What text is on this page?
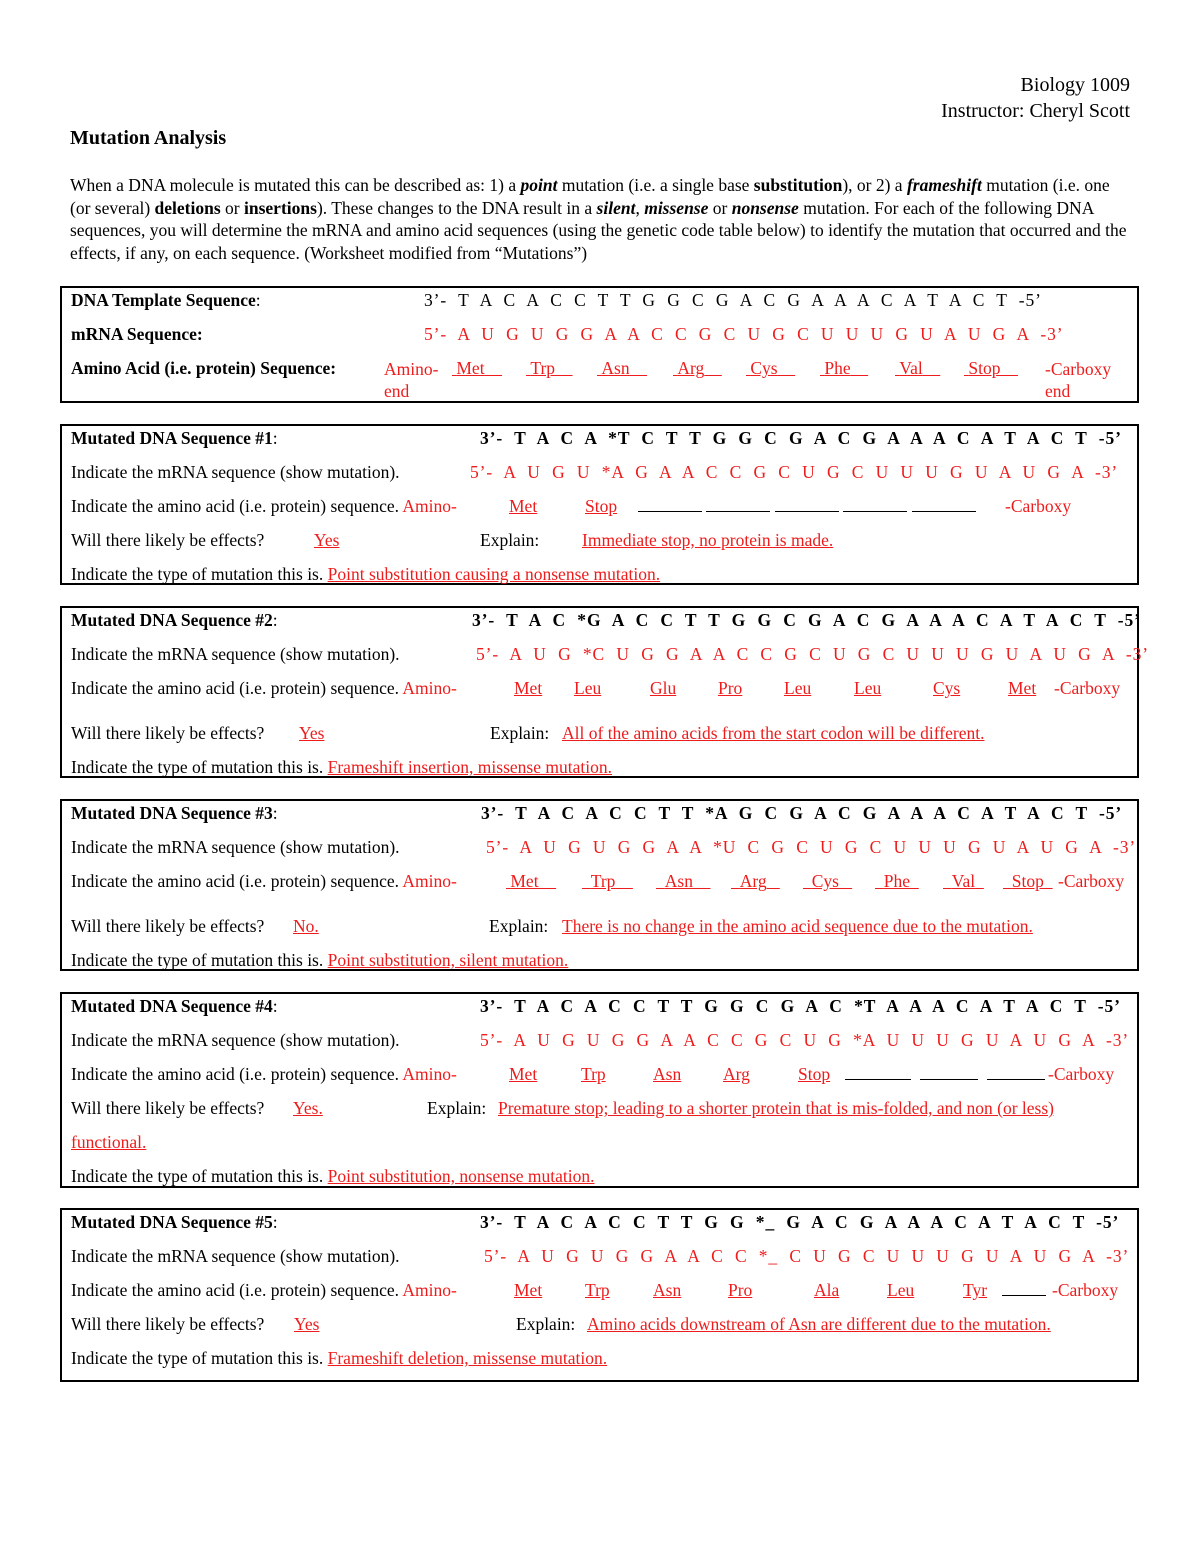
Biology 1009
Instructor: Cheryl Scott
Mutation Analysis
When a DNA molecule is mutated this can be described as: 1) a point mutation (i.e. a single base substitution), or 2) a frameshift mutation (i.e. one (or several) deletions or insertions). These changes to the DNA result in a silent, missense or nonsense mutation. For each of the following DNA sequences, you will determine the mRNA and amino acid sequences (using the genetic code table below) to identify the mutation that occurred and the effects, if any, on each sequence. (Worksheet modified from “Mutations”)
DNA Template Sequence:	3’- T A C A C C T T G G C G A C G A A A C A T A C T -5’
mRNA Sequence:	5’- A U G U G G A A C C G C U G C U U U G U A U G A -3’
Amino Acid (i.e. protein) Sequence:	Amino-
end
Met	Trp	Asn	Arg	Cys	Phe	Val	Stop	-Carboxy
end
Mutated DNA Sequence #1:	3’- T A C A *T C T T G G C G A C G A A A C A T A C T -5’
Indicate the mRNA sequence (show mutation).	5’- A U G U *A G A A C C G C U G C U U U G U A U G A -3’
Indicate the amino acid (i.e. protein) sequence. Amino-	Met	Stop
	-Carboxy
Will there likely be effects?	Yes	Explain: Immediate stop, no protein is made.
Indicate the type of mutation this is. Point substitution causing a nonsense mutation.
Mutated DNA Sequence #2:	3’- T A C *G A C C T T G G C G A C G A A A C A T A C T -5’
Indicate the mRNA sequence (show mutation).	5’- A U G *C U G G A A C C G C U G C U U U G U A U G A -3’
Indicate the amino acid (i.e. protein) sequence. Amino-	Met Leu	Glu Pro Leu Leu	Cys	Met -Carboxy
Will there likely be effects? Yes	Explain: All of the amino acids from the start codon will be different.
Indicate the type of mutation this is. Frameshift insertion, missense mutation.
Mutated DNA Sequence #3:	3’- T A C A C C T T *A G C G A C G A A A C A T A C T -5’
Indicate the mRNA sequence (show mutation).	5’- A U G U G G A A *U C G C U G C U U U G U A U G A -3’
Indicate the amino acid (i.e. protein) sequence. Amino-	Met	Trp	Asn	Arg	Cys	Phe	Val	Stop -Carboxy
Will there likely be effects? No.	Explain: There is no change in the amino acid sequence due to the mutation.
Indicate the type of mutation this is. Point substitution, silent mutation.
Mutated DNA Sequence #4:	3’- T A C A C C T T G G C G A C *T A A A C A T A C T -5’
Indicate the mRNA sequence (show mutation).	5’- A U G U G G A A C C G C U G *A U U U G U A U G A -3’
Indicate the amino acid (i.e. protein) sequence. Amino-	Met	Trp	Asn Arg	Stop
	-Carboxy
Will there likely be effects? Yes.	Explain: Premature stop; leading to a shorter protein that is mis-folded, and non (or less)
functional.
Indicate the type of mutation this is. Point substitution, nonsense mutation.
Mutated DNA Sequence #5:	3’- T A C A C C T T G G *_ G A C G A A A C A T A C T -5’
Indicate the mRNA sequence (show mutation).	5’- A U G U G G A A C C *_ C U G C U U U G U A U G A -3’
Indicate the amino acid (i.e. protein) sequence. Amino-	Met Trp Asn	Pro	Ala	Leu	Tyr	-Carboxy
Will there likely be effects? Yes	Explain: Amino acids downstream of Asn are different due to the mutation.
Indicate the type of mutation this is. Frameshift deletion, missense mutation.
